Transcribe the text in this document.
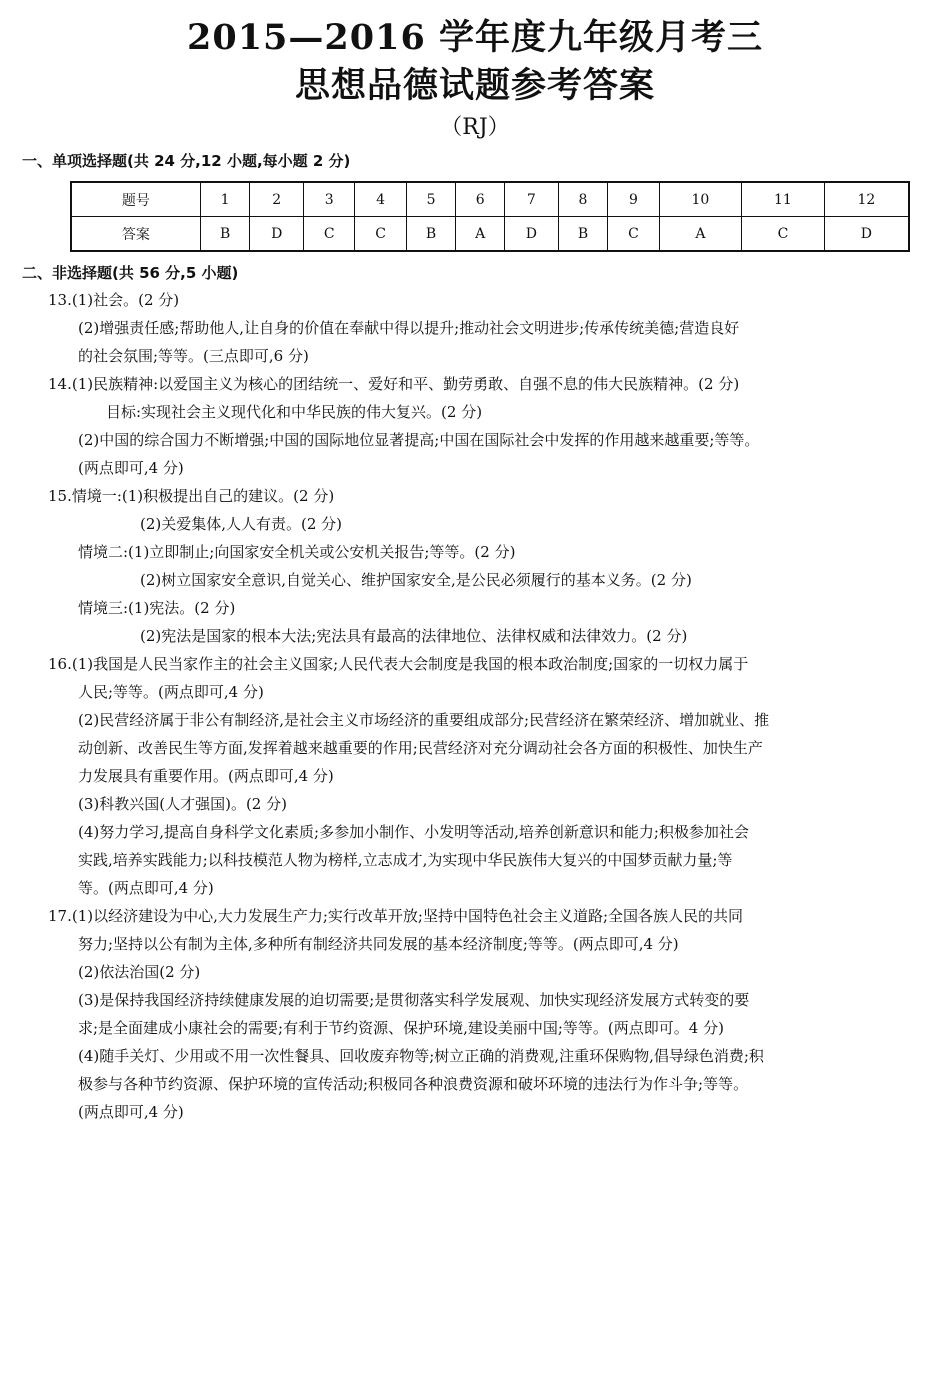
2015—2016 学年度九年级月考三
思想品德试题参考答案
（RJ）
一、单项选择题(共 24 分,12 小题,每小题 2 分)
题号	1	2	3	4	5	6	7	8	9	10	11	12
答案	B	D	C	C	B	A	D	B	C	A	C	D
二、非选择题(共 56 分,5 小题)
13.(1)社会。(2 分)
(2)增强责任感;帮助他人,让自身的价值在奉献中得以提升;推动社会文明进步;传承传统美德;营造良好
的社会氛围;等等。(三点即可,6 分)
14.(1)民族精神:以爱国主义为核心的团结统一、爱好和平、勤劳勇敢、自强不息的伟大民族精神。(2 分)
目标:实现社会主义现代化和中华民族的伟大复兴。(2 分)
(2)中国的综合国力不断增强;中国的国际地位显著提高;中国在国际社会中发挥的作用越来越重要;等等。
(两点即可,4 分)
15.情境一:(1)积极提出自己的建议。(2 分)
(2)关爱集体,人人有责。(2 分)
情境二:(1)立即制止;向国家安全机关或公安机关报告;等等。(2 分)
(2)树立国家安全意识,自觉关心、维护国家安全,是公民必须履行的基本义务。(2 分)
情境三:(1)宪法。(2 分)
(2)宪法是国家的根本大法;宪法具有最高的法律地位、法律权威和法律效力。(2 分)
16.(1)我国是人民当家作主的社会主义国家;人民代表大会制度是我国的根本政治制度;国家的一切权力属于
人民;等等。(两点即可,4 分)
(2)民营经济属于非公有制经济,是社会主义市场经济的重要组成部分;民营经济在繁荣经济、增加就业、推
动创新、改善民生等方面,发挥着越来越重要的作用;民营经济对充分调动社会各方面的积极性、加快生产
力发展具有重要作用。(两点即可,4 分)
(3)科教兴国(人才强国)。(2 分)
(4)努力学习,提高自身科学文化素质;多参加小制作、小发明等活动,培养创新意识和能力;积极参加社会
实践,培养实践能力;以科技模范人物为榜样,立志成才,为实现中华民族伟大复兴的中国梦贡献力量;等
等。(两点即可,4 分)
17.(1)以经济建设为中心,大力发展生产力;实行改革开放;坚持中国特色社会主义道路;全国各族人民的共同
努力;坚持以公有制为主体,多种所有制经济共同发展的基本经济制度;等等。(两点即可,4 分)
(2)依法治国(2 分)
(3)是保持我国经济持续健康发展的迫切需要;是贯彻落实科学发展观、加快实现经济发展方式转变的要
求;是全面建成小康社会的需要;有利于节约资源、保护环境,建设美丽中国;等等。(两点即可。4 分)
(4)随手关灯、少用或不用一次性餐具、回收废弃物等;树立正确的消费观,注重环保购物,倡导绿色消费;积
极参与各种节约资源、保护环境的宣传活动;积极同各种浪费资源和破坏环境的违法行为作斗争;等等。
(两点即可,4 分)
